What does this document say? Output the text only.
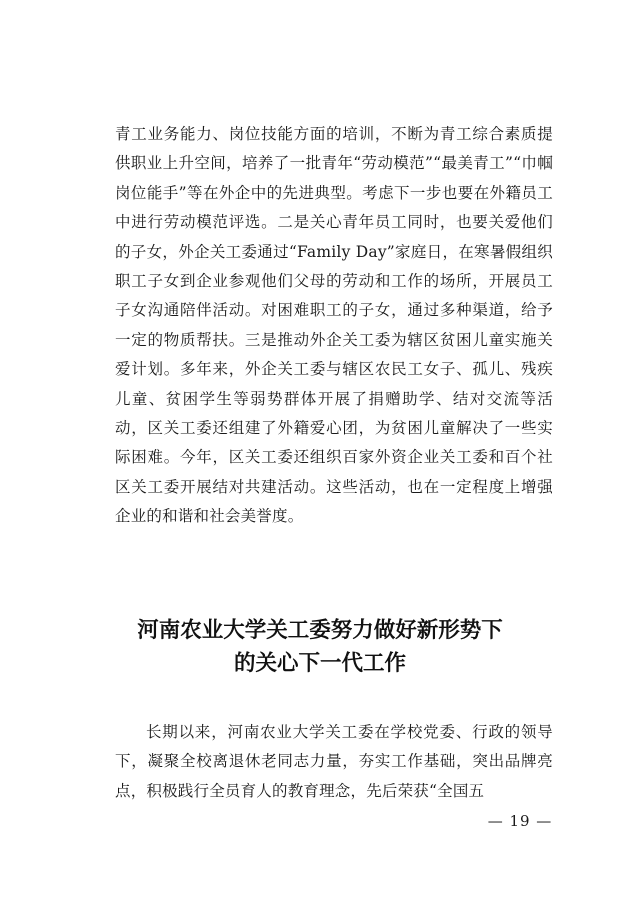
青工业务能力、岗位技能方面的培训，不断为青工综合素质提供职业上升空间，培养了一批青年“劳动模范”“最美青工”“巾帼岗位能手”等在外企中的先进典型。考虑下一步也要在外籍员工中进行劳动模范评选。二是关心青年员工同时，也要关爱他们的子女，外企关工委通过“Family Day”家庭日，在寒暑假组织职工子女到企业参观他们父母的劳动和工作的场所，开展员工子女沟通陪伴活动。对困难职工的子女，通过多种渠道，给予一定的物质帮扶。三是推动外企关工委为辖区贫困儿童实施关爱计划。多年来，外企关工委与辖区农民工女子、孤儿、残疾儿童、贫困学生等弱势群体开展了捐赠助学、结对交流等活动，区关工委还组建了外籍爱心团，为贫困儿童解决了一些实际困难。今年，区关工委还组织百家外资企业关工委和百个社区关工委开展结对共建活动。这些活动，也在一定程度上增强企业的和谐和社会美誉度。

河南农业大学关工委努力做好新形势下
的关心下一代工作

长期以来，河南农业大学关工委在学校党委、行政的领导下，凝聚全校离退休老同志力量，夯实工作基础，突出品牌亮点，积极践行全员育人的教育理念，先后荣获“全国五

— 19 —
